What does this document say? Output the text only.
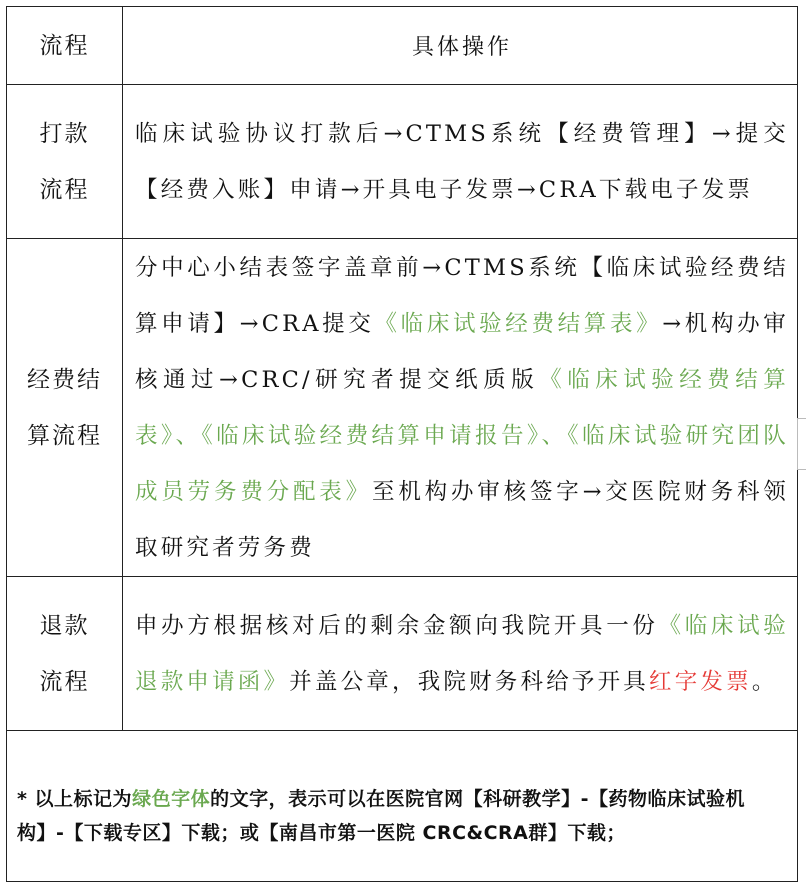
流程	具体操作
打款
流程
临床试验协议打款后→CTMS系统【经费管理】→提交【经费入账】申请→开具电子发票→CRA下载电子发票
经费结
算流程
分中心小结表签字盖章前→CTMS系统【临床试验经费结算申请】→CRA提交《临床试验经费结算表》→机构办审核通过→CRC/研究者提交纸质版《临床试验经费结算表》、《临床试验经费结算申请报告》、《临床试验研究团队成员劳务费分配表》至机构办审核签字→交医院财务科领取研究者劳务费
退款
流程
申办方根据核对后的剩余金额向我院开具一份《临床试验退款申请函》并盖公章，我院财务科给予开具红字发票。
* 以上标记为绿色字体的文字，表示可以在医院官网【科研教学】-【药物临床试验机构】-【下载专区】下载；或【南昌市第一医院 CRC&CRA群】下载；
